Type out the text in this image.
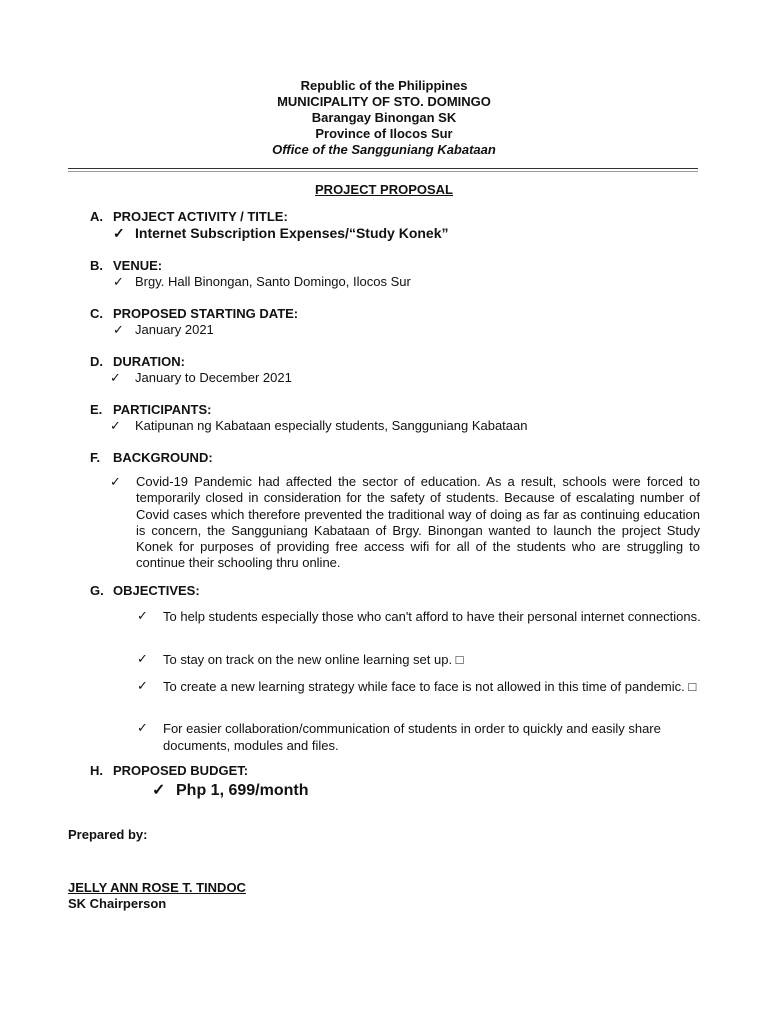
Republic of the Philippines
MUNICIPALITY OF STO. DOMINGO
Barangay Binongan SK
Province of Ilocos Sur
Office of the Sangguniang Kabataan
PROJECT PROPOSAL
A. PROJECT ACTIVITY / TITLE:
✓ Internet Subscription Expenses/“Study Konek”
B. VENUE:
✓ Brgy. Hall Binongan, Santo Domingo, Ilocos Sur
C. PROPOSED STARTING DATE:
✓ January 2021
D. DURATION:
✓ January to December 2021
E. PARTICIPANTS:
✓ Katipunan ng Kabataan especially students, Sangguniang Kabataan
F. BACKGROUND:
✓ Covid-19 Pandemic had affected the sector of education. As a result, schools were forced to temporarily closed in consideration for the safety of students. Because of escalating number of Covid cases which therefore prevented the traditional way of doing as far as continuing education is concern, the Sangguniang Kabataan of Brgy. Binongan wanted to launch the project Study Konek for purposes of providing free access wifi for all of the students who are struggling to continue their schooling thru online.
G. OBJECTIVES:
✓ To help students especially those who can't afford to have their personal internet connections.
✓ To stay on track on the new online learning set up. □
✓ To create a new learning strategy while face to face is not allowed in this time of pandemic. □
✓ For easier collaboration/communication of students in order to quickly and easily share documents, modules and files.
H. PROPOSED BUDGET:
✓ Php 1, 699/month
Prepared by:
JELLY ANN ROSE T. TINDOC
SK Chairperson
